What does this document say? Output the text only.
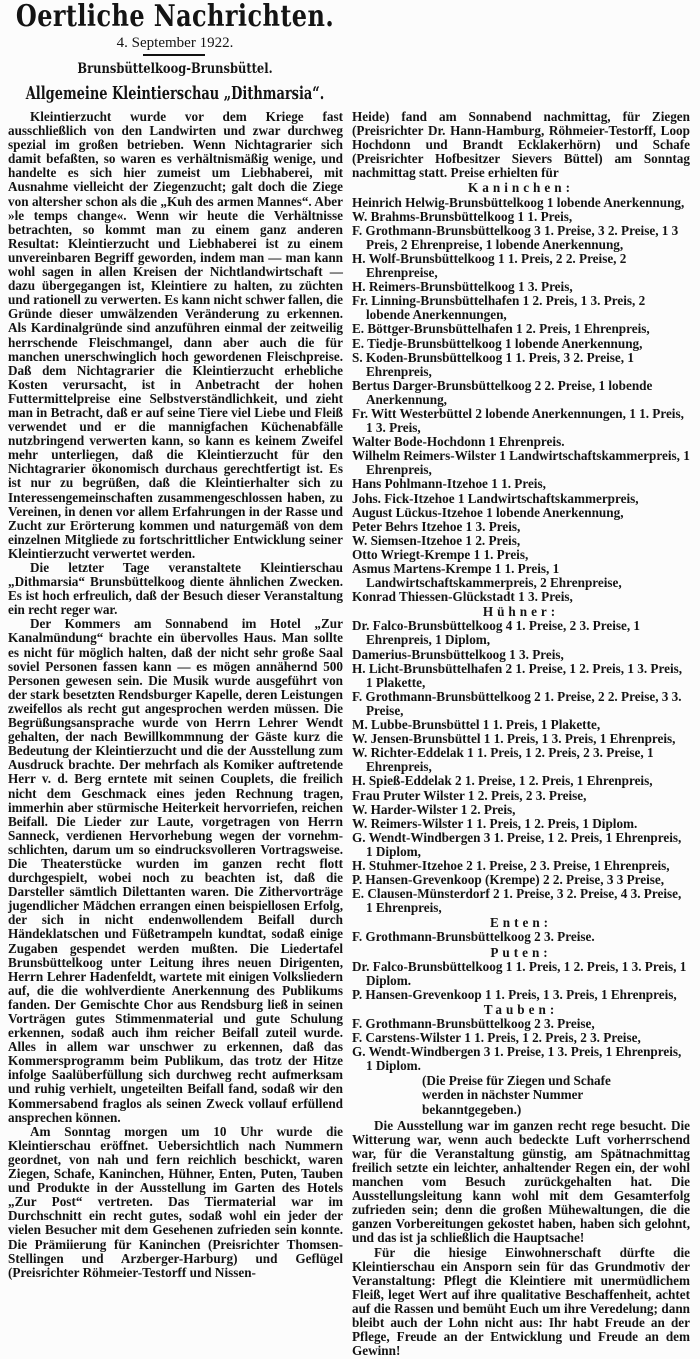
Oertliche Nachrichten.
4. September 1922.
Brunsbüttelkoog-Brunsbüttel.
Allgemeine Kleintierschau „Dithmarsia“.

Kleintierzucht wurde vor dem Kriege fast ausschließlich von den Landwirten und zwar durchweg spezial im großen betrieben. Wenn Nichtagrarier sich damit befaßten, so waren es verhältnismäßig wenige, und handelte es sich hier zumeist um Liebhaberei, mit Ausnahme vielleicht der Ziegenzucht; galt doch die Ziege von altersher schon als die „Kuh des armen Mannes“. Aber »le temps change«. Wenn wir heute die Verhältnisse betrachten, so kommt man zu einem ganz anderen Resultat: Kleintierzucht und Liebhaberei ist zu einem unvereinbaren Begriff geworden, indem man — man kann wohl sagen in allen Kreisen der Nichtlandwirtschaft — dazu übergegangen ist, Kleintiere zu halten, zu züchten und rationell zu verwerten. Es kann nicht schwer fallen, die Gründe dieser umwälzenden Veränderung zu erkennen. Als Kardinalgründe sind anzuführen einmal der zeitweilig herrschende Fleischmangel, dann aber auch die für manchen unerschwinglich hoch gewordenen Fleischpreise. Daß dem Nichtagrarier die Kleintierzucht erhebliche Kosten verursacht, ist in Anbetracht der hohen Futtermittelpreise eine Selbstverständlichkeit, und zieht man in Betracht, daß er auf seine Tiere viel Liebe und Fleiß verwendet und er die mannigfachen Küchenabfälle nutzbringend verwerten kann, so kann es keinem Zweifel mehr unterliegen, daß die Kleintierzucht für den Nichtagrarier ökonomisch durchaus gerechtfertigt ist. Es ist nur zu begrüßen, daß die Kleintierhalter sich zu Interessengemeinschaften zusammengeschlossen haben, zu Vereinen, in denen vor allem Erfahrungen in der Rasse und Zucht zur Erörterung kommen und naturgemäß von dem einzelnen Mitgliede zu fortschrittlicher Entwicklung seiner Kleintierzucht verwertet werden.

Die letzter Tage veranstaltete Kleintierschau „Dithmarsia“ Brunsbüttelkoog diente ähnlichen Zwecken. Es ist hoch erfreulich, daß der Besuch dieser Veranstaltung ein recht reger war.

Der Kommers am Sonnabend im Hotel „Zur Kanalmündung“ brachte ein übervolles Haus. Man sollte es nicht für möglich halten, daß der nicht sehr große Saal soviel Personen fassen kann — es mögen annähernd 500 Personen gewesen sein. Die Musik wurde ausgeführt von der stark besetzten Rendsburger Kapelle, deren Leistungen zweifellos als recht gut angesprochen werden müssen. Die Begrüßungsansprache wurde von Herrn Lehrer Wendt gehalten, der nach Bewillkommnung der Gäste kurz die Bedeutung der Kleintierzucht und die der Ausstellung zum Ausdruck brachte. Der mehrfach als Komiker auftretende Herr v. d. Berg erntete mit seinen Couplets, die freilich nicht dem Geschmack eines jeden Rechnung tragen, immerhin aber stürmische Heiterkeit hervorriefen, reichen Beifall. Die Lieder zur Laute, vorgetragen von Herrn Sanneck, verdienen Hervorhebung wegen der vornehm-schlichten, darum um so eindrucksvolleren Vortragsweise. Die Theaterstücke wurden im ganzen recht flott durchgespielt, wobei noch zu beachten ist, daß die Darsteller sämtlich Dilettanten waren. Die Zithervorträge jugendlicher Mädchen errangen einen beispiellosen Erfolg, der sich in nicht endenwollendem Beifall durch Händeklatschen und Füßetrampeln kundtat, sodaß einige Zugaben gespendet werden mußten. Die Liedertafel Brunsbüttelkoog unter Leitung ihres neuen Dirigenten, Herrn Lehrer Hadenfeldt, wartete mit einigen Volksliedern auf, die die wohlverdiente Anerkennung des Publikums fanden. Der Gemischte Chor aus Rendsburg ließ in seinen Vorträgen gutes Stimmenmaterial und gute Schulung erkennen, sodaß auch ihm reicher Beifall zuteil wurde. Alles in allem war unschwer zu erkennen, daß das Kommersprogramm beim Publikum, das trotz der Hitze infolge Saalüberfüllung sich durchweg recht aufmerksam und ruhig verhielt, ungeteilten Beifall fand, sodaß wir den Kommersabend fraglos als seinen Zweck vollauf erfüllend ansprechen können.

Am Sonntag morgen um 10 Uhr wurde die Kleintierschau eröffnet. Uebersichtlich nach Nummern geordnet, von nah und fern reichlich beschickt, waren Ziegen, Schafe, Kaninchen, Hühner, Enten, Puten, Tauben und Produkte in der Ausstellung im Garten des Hotels „Zur Post“ vertreten. Das Tiermaterial war im Durchschnitt ein recht gutes, sodaß wohl ein jeder der vielen Besucher mit dem Gesehenen zufrieden sein konnte. Die Prämiierung für Kaninchen (Preisrichter Thomsen-Stellingen und Arzberger-Harburg) und Geflügel (Preisrichter Röhmeier-Testorff und Nissen-

Heide) fand am Sonnabend nachmittag, für Ziegen (Preisrichter Dr. Hann-Hamburg, Röhmeier-Testorff, Loop Hochdonn und Brandt Ecklakerhörn) und Schafe (Preisrichter Hofbesitzer Sievers Büttel) am Sonntag nachmittag statt. Preise erhielten für

Kaninchen:
Heinrich Helwig-Brunsbüttelkoog 1 lobende Anerkennung,
W. Brahms-Brunsbüttelkoog 1 1. Preis,
F. Grothmann-Brunsbüttelkoog 3 1. Preise, 3 2. Preise, 1 3 Preis, 2 Ehrenpreise, 1 lobende Anerkennung,
H. Wolf-Brunsbüttelkoog 1 1. Preis, 2 2. Preise, 2 Ehrenpreise,
H. Reimers-Brunsbüttelkoog 1 3. Preis,
Fr. Linning-Brunsbüttelhafen 1 2. Preis, 1 3. Preis, 2 lobende Anerkennungen,
E. Böttger-Brunsbüttelhafen 1 2. Preis, 1 Ehrenpreis,
E. Tiedje-Brunsbüttelkoog 1 lobende Anerkennung,
S. Koden-Brunsbüttelkoog 1 1. Preis, 3 2. Preise, 1 Ehrenpreis,
Bertus Darger-Brunsbüttelkoog 2 2. Preise, 1 lobende Anerkennung,
Fr. Witt Westerbüttel 2 lobende Anerkennungen, 1 1. Preis, 1 3. Preis,
Walter Bode-Hochdonn 1 Ehrenpreis.
Wilhelm Reimers-Wilster 1 Landwirtschaftskammerpreis, 1 Ehrenpreis,
Hans Pohlmann-Itzehoe 1 1. Preis,
Johs. Fick-Itzehoe 1 Landwirtschaftskammerpreis,
August Lückus-Itzehoe 1 lobende Anerkennung,
Peter Behrs Itzehoe 1 3. Preis,
W. Siemsen-Itzehoe 1 2. Preis,
Otto Wriegt-Krempe 1 1. Preis,
Asmus Martens-Krempe 1 1. Preis, 1 Landwirtschaftskammerpreis, 2 Ehrenpreise,
Konrad Thiessen-Glückstadt 1 3. Preis,
Hühner:
Dr. Falco-Brunsbüttelkoog 4 1. Preise, 2 3. Preise, 1 Ehrenpreis, 1 Diplom,
Damerius-Brunsbüttelkoog 1 3. Preis,
H. Licht-Brunsbüttelhafen 2 1. Preise, 1 2. Preis, 1 3. Preis, 1 Plakette,
F. Grothmann-Brunsbüttelkoog 2 1. Preise, 2 2. Preise, 3 3. Preise,
M. Lubbe-Brunsbüttel 1 1. Preis, 1 Plakette,
W. Jensen-Brunsbüttel 1 1. Preis, 1 3. Preis, 1 Ehrenpreis,
W. Richter-Eddelak 1 1. Preis, 1 2. Preis, 2 3. Preise, 1 Ehrenpreis,
H. Spieß-Eddelak 2 1. Preise, 1 2. Preis, 1 Ehrenpreis,
Frau Pruter Wilster 1 2. Preis, 2 3. Preise,
W. Harder-Wilster 1 2. Preis,
W. Reimers-Wilster 1 1. Preis, 1 2. Preis, 1 Diplom.
G. Wendt-Windbergen 3 1. Preise, 1 2. Preis, 1 Ehrenpreis, 1 Diplom,
H. Stuhmer-Itzehoe 2 1. Preise, 2 3. Preise, 1 Ehrenpreis,
P. Hansen-Grevenkoop (Krempe) 2 2. Preise, 3 3 Preise,
E. Clausen-Münsterdorf 2 1. Preise, 3 2. Preise, 4 3. Preise, 1 Ehrenpreis,
Enten:
F. Grothmann-Brunsbüttelkoog 2 3. Preise.
Puten:
Dr. Falco-Brunsbüttelkoog 1 1. Preis, 1 2. Preis, 1 3. Preis, 1 Diplom.
P. Hansen-Grevenkoop 1 1. Preis, 1 3. Preis, 1 Ehrenpreis,
Tauben:
F. Grothmann-Brunsbüttelkoog 2 3. Preise,
F. Carstens-Wilster 1 1. Preis, 1 2. Preis, 2 3. Preise,
G. Wendt-Windbergen 3 1. Preise, 1 3. Preis, 1 Ehrenpreis, 1 Diplom.
(Die Preise für Ziegen und Schafe werden in nächster Nummer bekanntgegeben.)

Die Ausstellung war im ganzen recht rege besucht. Die Witterung war, wenn auch bedeckte Luft vorherrschend war, für die Veranstaltung günstig, am Spätnachmittag freilich setzte ein leichter, anhaltender Regen ein, der wohl manchen vom Besuch zurückgehalten hat. Die Ausstellungsleitung kann wohl mit dem Gesamterfolg zufrieden sein; denn die großen Mühewaltungen, die die ganzen Vorbereitungen gekostet haben, haben sich gelohnt, und das ist ja schließlich die Hauptsache!

Für die hiesige Einwohnerschaft dürfte die Kleintierschau ein Ansporn sein für das Grundmotiv der Veranstaltung: Pflegt die Kleintiere mit unermüdlichem Fleiß, leget Wert auf ihre qualitative Beschaffenheit, achtet auf die Rassen und bemüht Euch um ihre Veredelung; dann bleibt auch der Lohn nicht aus: Ihr habt Freude an der Pflege, Freude an der Entwicklung und Freude an dem Gewinn!
